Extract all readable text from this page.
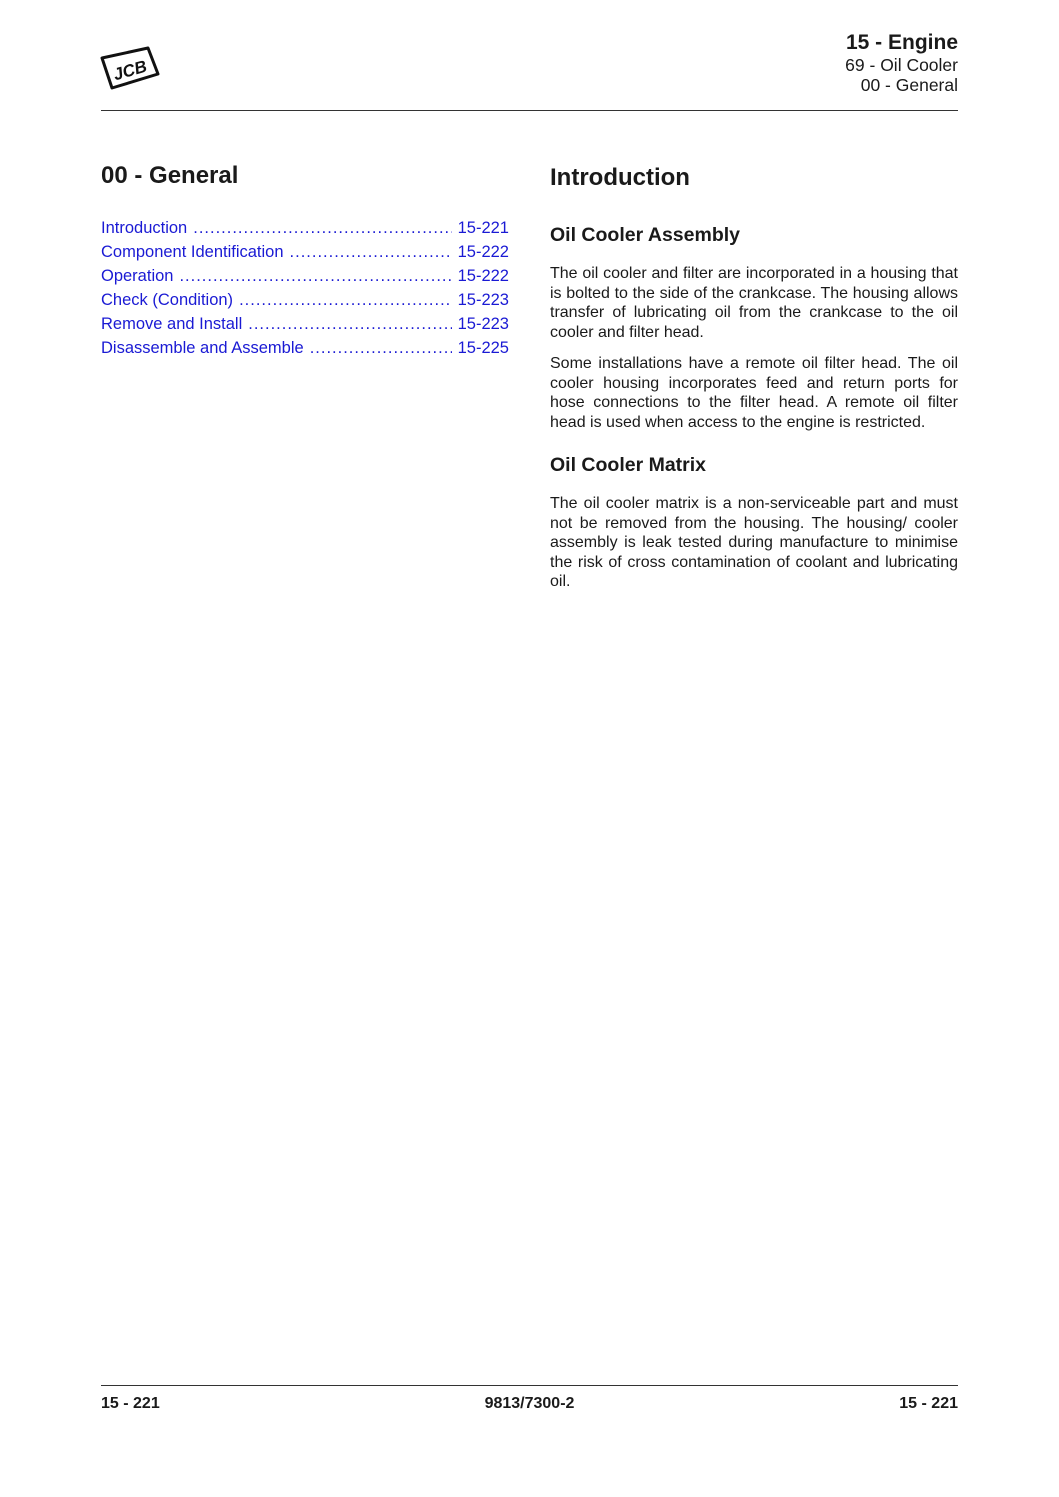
JCB
15 - Engine
69 - Oil Cooler
00 - General
00 - General
Introduction .....	15-221
Component Identification .....	15-222
Operation .....	15-222
Check (Condition) .....	15-223
Remove and Install .....	15-223
Disassemble and Assemble .....	15-225
Introduction
Oil Cooler Assembly

The oil cooler and filter are incorporated in a housing that is bolted to the side of the crankcase. The housing allows transfer of lubricating oil from the crankcase to the oil cooler and filter head.

Some installations have a remote oil filter head. The oil cooler housing incorporates feed and return ports for hose connections to the filter head. A remote oil filter head is used when access to the engine is restricted.

Oil Cooler Matrix

The oil cooler matrix is a non-serviceable part and must not be removed from the housing. The housing/ cooler assembly is leak tested during manufacture to minimise the risk of cross contamination of coolant and lubricating oil.

15 - 221	9813/7300-2	15 - 221
